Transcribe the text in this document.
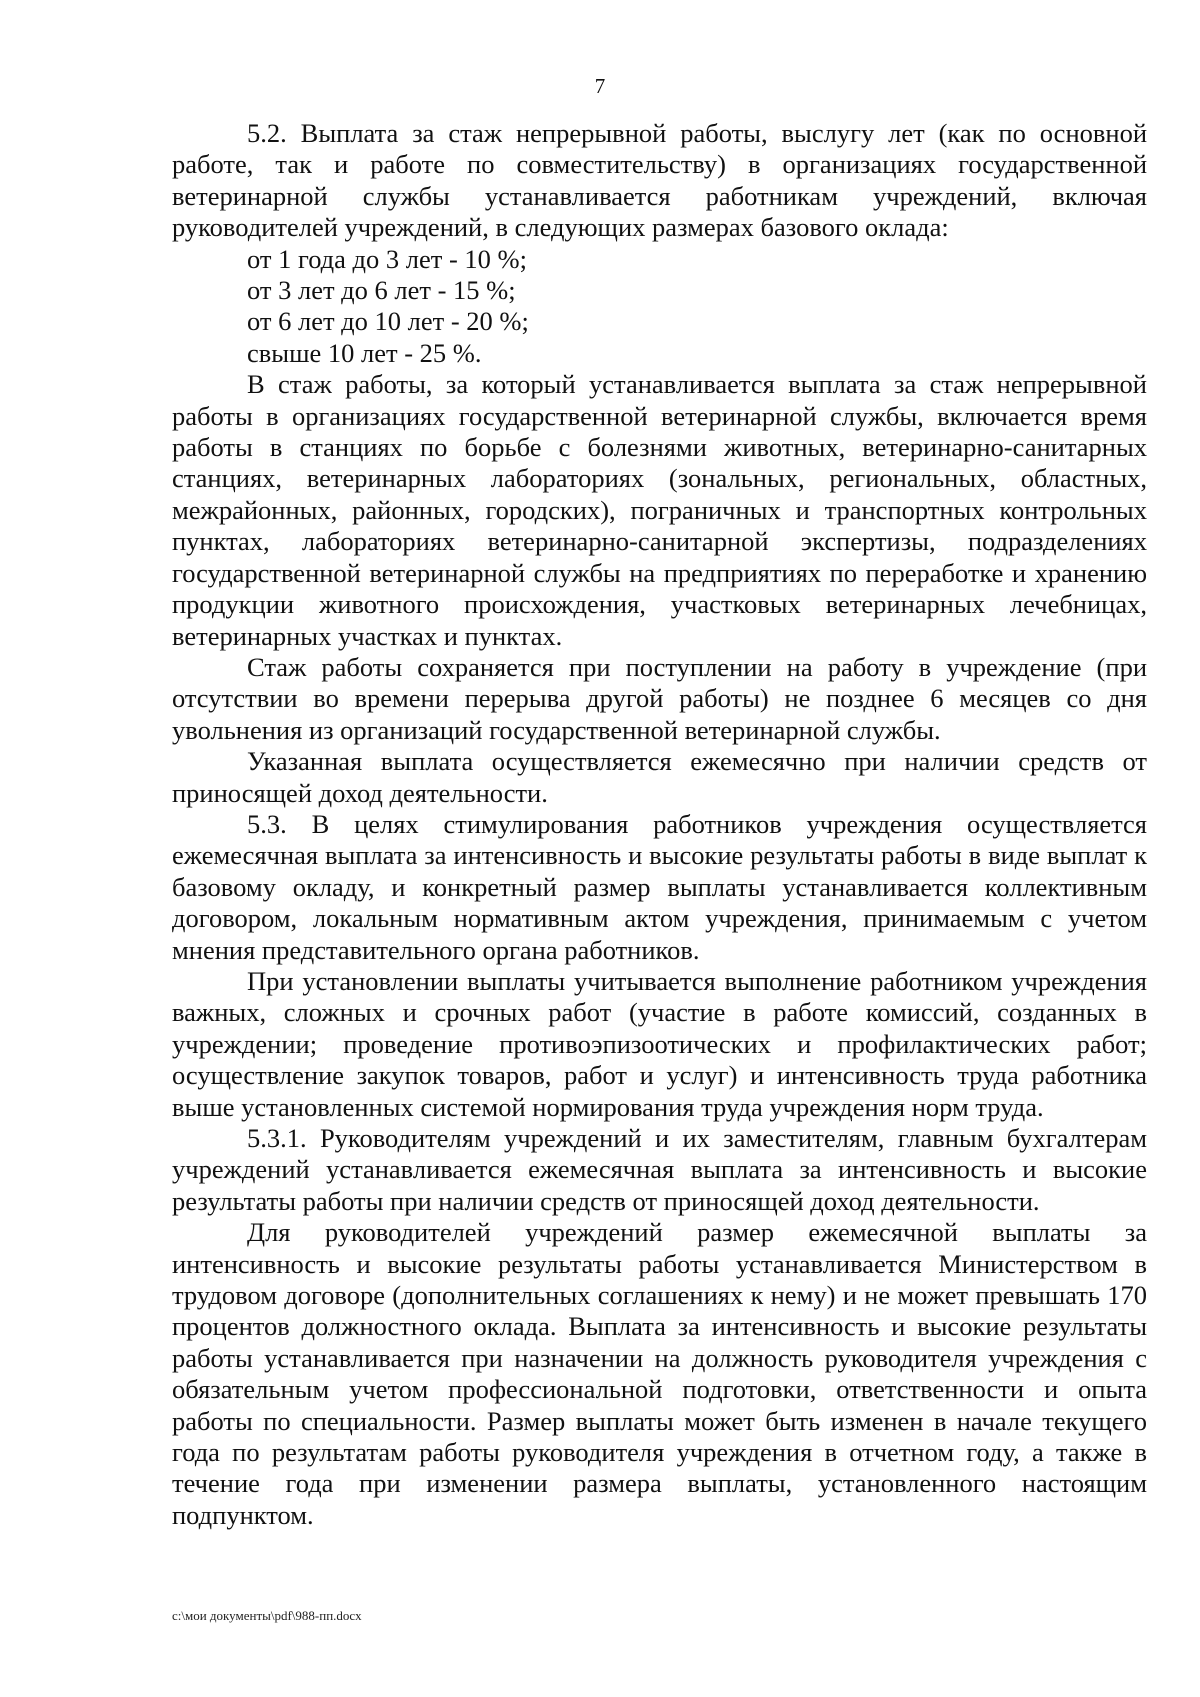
7

5.2. Выплата за стаж непрерывной работы, выслугу лет (как по основной работе, так и работе по совместительству) в организациях государственной ветеринарной службы устанавливается работникам учреждений, включая руководителей учреждений, в следующих размерах базового оклада:

от 1 года до 3 лет - 10 %;

от 3 лет до 6 лет - 15 %;

от 6 лет до 10 лет - 20 %;

свыше 10 лет - 25 %.

В стаж работы, за который устанавливается выплата за стаж непрерывной работы в организациях государственной ветеринарной службы, включается время работы в станциях по борьбе с болезнями животных, ветеринарно-санитарных станциях, ветеринарных лабораториях (зональных, региональных, областных, межрайонных, районных, городских), пограничных и транспортных контрольных пунктах, лабораториях ветеринарно-санитарной экспертизы, подразделениях государственной ветеринарной службы на предприятиях по переработке и хранению продукции животного происхождения, участковых ветеринарных лечебницах, ветеринарных участках и пунктах.

Стаж работы сохраняется при поступлении на работу в учреждение (при отсутствии во времени перерыва другой работы) не позднее 6 месяцев со дня увольнения из организаций государственной ветеринарной службы.

Указанная выплата осуществляется ежемесячно при наличии средств от приносящей доход деятельности.

5.3. В целях стимулирования работников учреждения осуществляется ежемесячная выплата за интенсивность и высокие результаты работы в виде выплат к базовому окладу, и конкретный размер выплаты устанавливается коллективным договором, локальным нормативным актом учреждения, принимаемым с учетом мнения представительного органа работников.

При установлении выплаты учитывается выполнение работником учреждения важных, сложных и срочных работ (участие в работе комиссий, созданных в учреждении; проведение противоэпизоотических и профилактических работ; осуществление закупок товаров, работ и услуг) и интенсивность труда работника выше установленных системой нормирования труда учреждения норм труда.

5.3.1. Руководителям учреждений и их заместителям, главным бухгалтерам учреждений устанавливается ежемесячная выплата за интенсивность и высокие результаты работы при наличии средств от приносящей доход деятельности.

Для руководителей учреждений размер ежемесячной выплаты за интенсивность и высокие результаты работы устанавливается Министерством в трудовом договоре (дополнительных соглашениях к нему) и не может превышать 170 процентов должностного оклада. Выплата за интенсивность и высокие результаты работы устанавливается при назначении на должность руководителя учреждения с обязательным учетом профессиональной подготовки, ответственности и опыта работы по специальности. Размер выплаты может быть изменен в начале текущего года по результатам работы руководителя учреждения в отчетном году, а также в течение года при изменении размера выплаты, установленного настоящим подпунктом.

c:\мои документы\pdf\988-пп.docx
